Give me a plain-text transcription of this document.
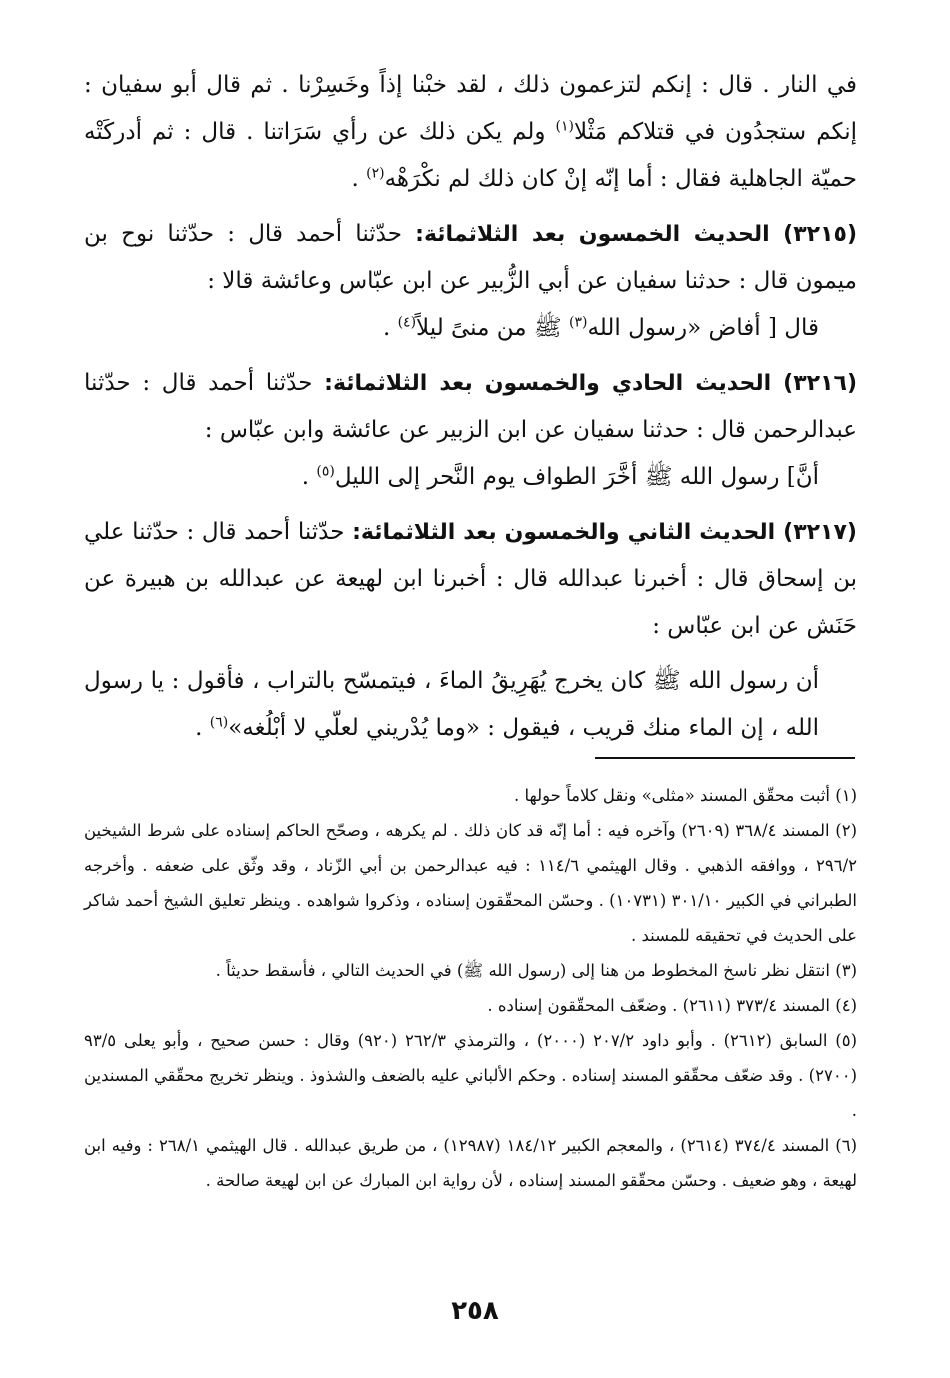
في النار . قال : إنكم لتزعمون ذلك ، لقد خبْنا إذاً وخَسِرْنا . ثم قال أبو سفيان : إنكم ستجدُون في قتلاكم مَثْلا$^{(١)}$ ولم يكن ذلك عن رأي سَرَاتنا . قال : ثم أدركَتْه حميّة الجاهلية فقال : أما إنّه إنْ كان ذلك لم نكْرَهْه$^{(٢)}$ .

(٣٢١٥) الحديث الخمسون بعد الثلاثمائة: حدّثنا أحمد قال : حدّثنا نوح بن ميمون قال : حدثنا سفيان عن أبي الزُّبير عن ابن عبّاس وعائشة قالا :

قال [ أفاض «رسول الله$^{(٣)}$ ﷺ من منىً ليلاً$^{(٤)}$ .

(٣٢١٦) الحديث الحادي والخمسون بعد الثلاثمائة: حدّثنا أحمد قال : حدّثنا عبدالرحمن قال : حدثنا سفيان عن ابن الزبير عن عائشة وابن عبّاس :

أنَّ] رسول الله ﷺ أخَّرَ الطواف يوم النَّحر إلى الليل$^{(٥)}$ .

(٣٢١٧) الحديث الثاني والخمسون بعد الثلاثمائة: حدّثنا أحمد قال : حدّثنا علي بن إسحاق قال : أخبرنا عبدالله قال : أخبرنا ابن لهيعة عن عبدالله بن هبيرة عن حَنَش عن ابن عبّاس :

أن رسول الله ﷺ كان يخرج يُهَرِيقُ الماءَ ، فيتمسّح بالتراب ، فأقول : يا رسول الله ، إن الماء منك قريب ، فيقول : «وما يُدْريني لعلّي لا أبْلُغه»$^{(٦)}$ .

(١) أثبت محقّق المسند «مثلى» ونقل كلاماً حولها .

(٢) المسند ٣٦٨/٤ (٢٦٠٩) وآخره فيه : أما إنّه قد كان ذلك . لم يكرهه ، وصحّح الحاكم إسناده على شرط الشيخين ٢٩٦/٢ ، ووافقه الذهبي . وقال الهيثمي ١١٤/٦ : فيه عبدالرحمن بن أبي الزّناد ، وقد وثّق على ضعفه . وأخرجه الطبراني في الكبير ٣٠١/١٠ (١٠٧٣١) . وحسّن المحقّقون إسناده ، وذكروا شواهده . وينظر تعليق الشيخ أحمد شاكر على الحديث في تحقيقه للمسند .

(٣) انتقل نظر ناسخ المخطوط من هنا إلى (رسول الله ﷺ) في الحديث التالي ، فأسقط حديثاً .

(٤) المسند ٣٧٣/٤ (٢٦١١) . وضعّف المحقّقون إسناده .

(٥) السابق (٢٦١٢) . وأبو داود ٢٠٧/٢ (٢٠٠٠) ، والترمذي ٢٦٢/٣ (٩٢٠) وقال : حسن صحيح ، وأبو يعلى ٩٣/٥ (٢٧٠٠) . وقد ضعّف محقّقو المسند إسناده . وحكم الألباني عليه بالضعف والشذوذ . وينظر تخريج محقّقي المسندين .

(٦) المسند ٣٧٤/٤ (٢٦١٤) ، والمعجم الكبير ١٨٤/١٢ (١٢٩٨٧) ، من طريق عبدالله . قال الهيثمي ٢٦٨/١ : وفيه ابن لهيعة ، وهو ضعيف . وحسّن محقّقو المسند إسناده ، لأن رواية ابن المبارك عن ابن لهيعة صالحة .

٢٥٨
